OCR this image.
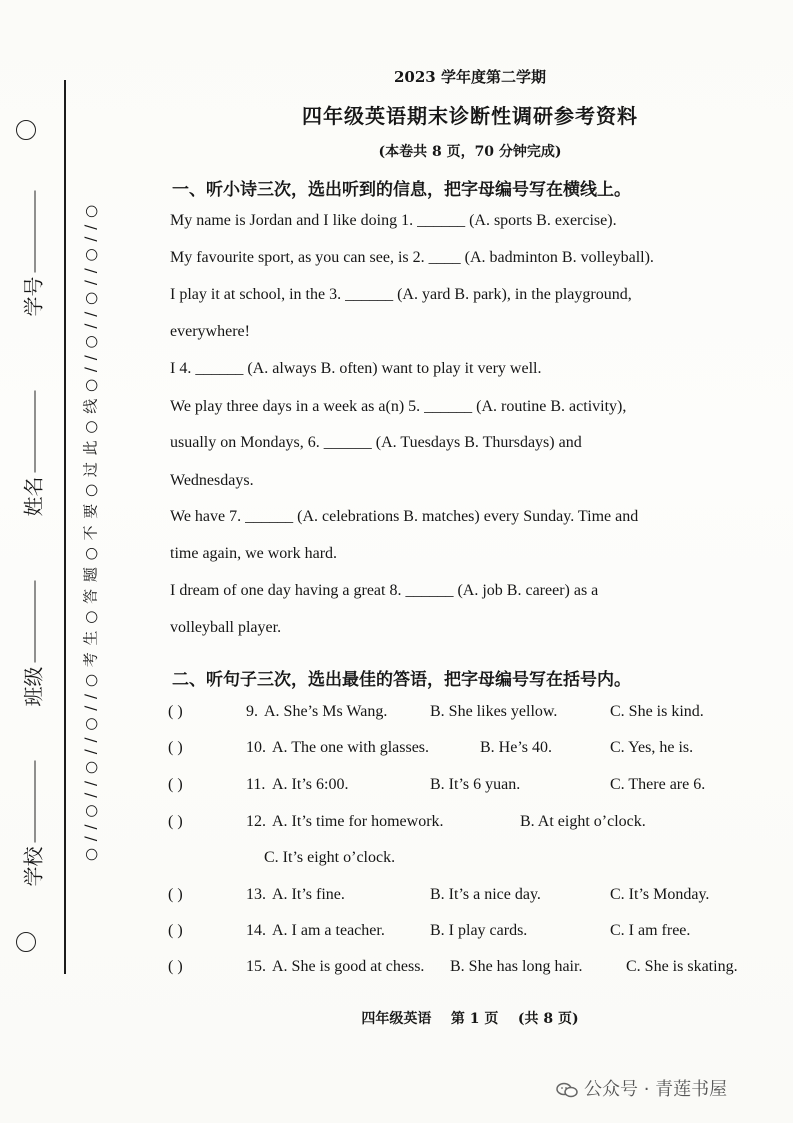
学号
姓名
班级
学校
○ / / ○ / / ○ / / ○ / / ○ 考 生 ○ 答 题 ○ 不 要 ○ 过 此 ○ 线 ○ / / ○ / / ○ / / ○ / / ○
2023 学年度第二学期
四年级英语期末诊断性调研参考资料
(本卷共 8 页，70 分钟完成)
一、听小诗三次，选出听到的信息，把字母编号写在横线上。
My name is Jordan and I like doing 1. ______ (A. sports B. exercise).
My favourite sport, as you can see, is 2. ____ (A. badminton B. volleyball).
I play it at school, in the 3. ______ (A. yard B. park), in the playground,
everywhere!
I 4. ______ (A. always B. often) want to play it very well.
We play three days in a week as a(n) 5. ______ (A. routine B. activity),
usually on Mondays, 6. ______ (A. Tuesdays B. Thursdays) and
Wednesdays.
We have 7. ______ (A. celebrations B. matches) every Sunday. Time and
time again, we work hard.
I dream of one day having a great 8. ______ (A. job B. career) as a
volleyball player.
二、听句子三次，选出最佳的答语，把字母编号写在括号内。
( )	9. A. She’s Ms Wang.	B. She likes yellow.	C. She is kind.
( )	10. A. The one with glasses.	B. He’s 40.	C. Yes, he is.
( )	11. A. It’s 6:00.	B. It’s 6 yuan.	C. There are 6.
( )	12. A. It’s time for homework.	B. At eight o’clock.
C. It’s eight o’clock.
( )	13. A. It’s fine.	B. It’s a nice day.	C. It’s Monday.
( )	14. A. I am a teacher.	B. I play cards.	C. I am free.
( )	15. A. She is good at chess. B. She has long hair.	C. She is skating.
四年级英语 第 1 页 (共 8 页)
公众号 · 青莲书屋
